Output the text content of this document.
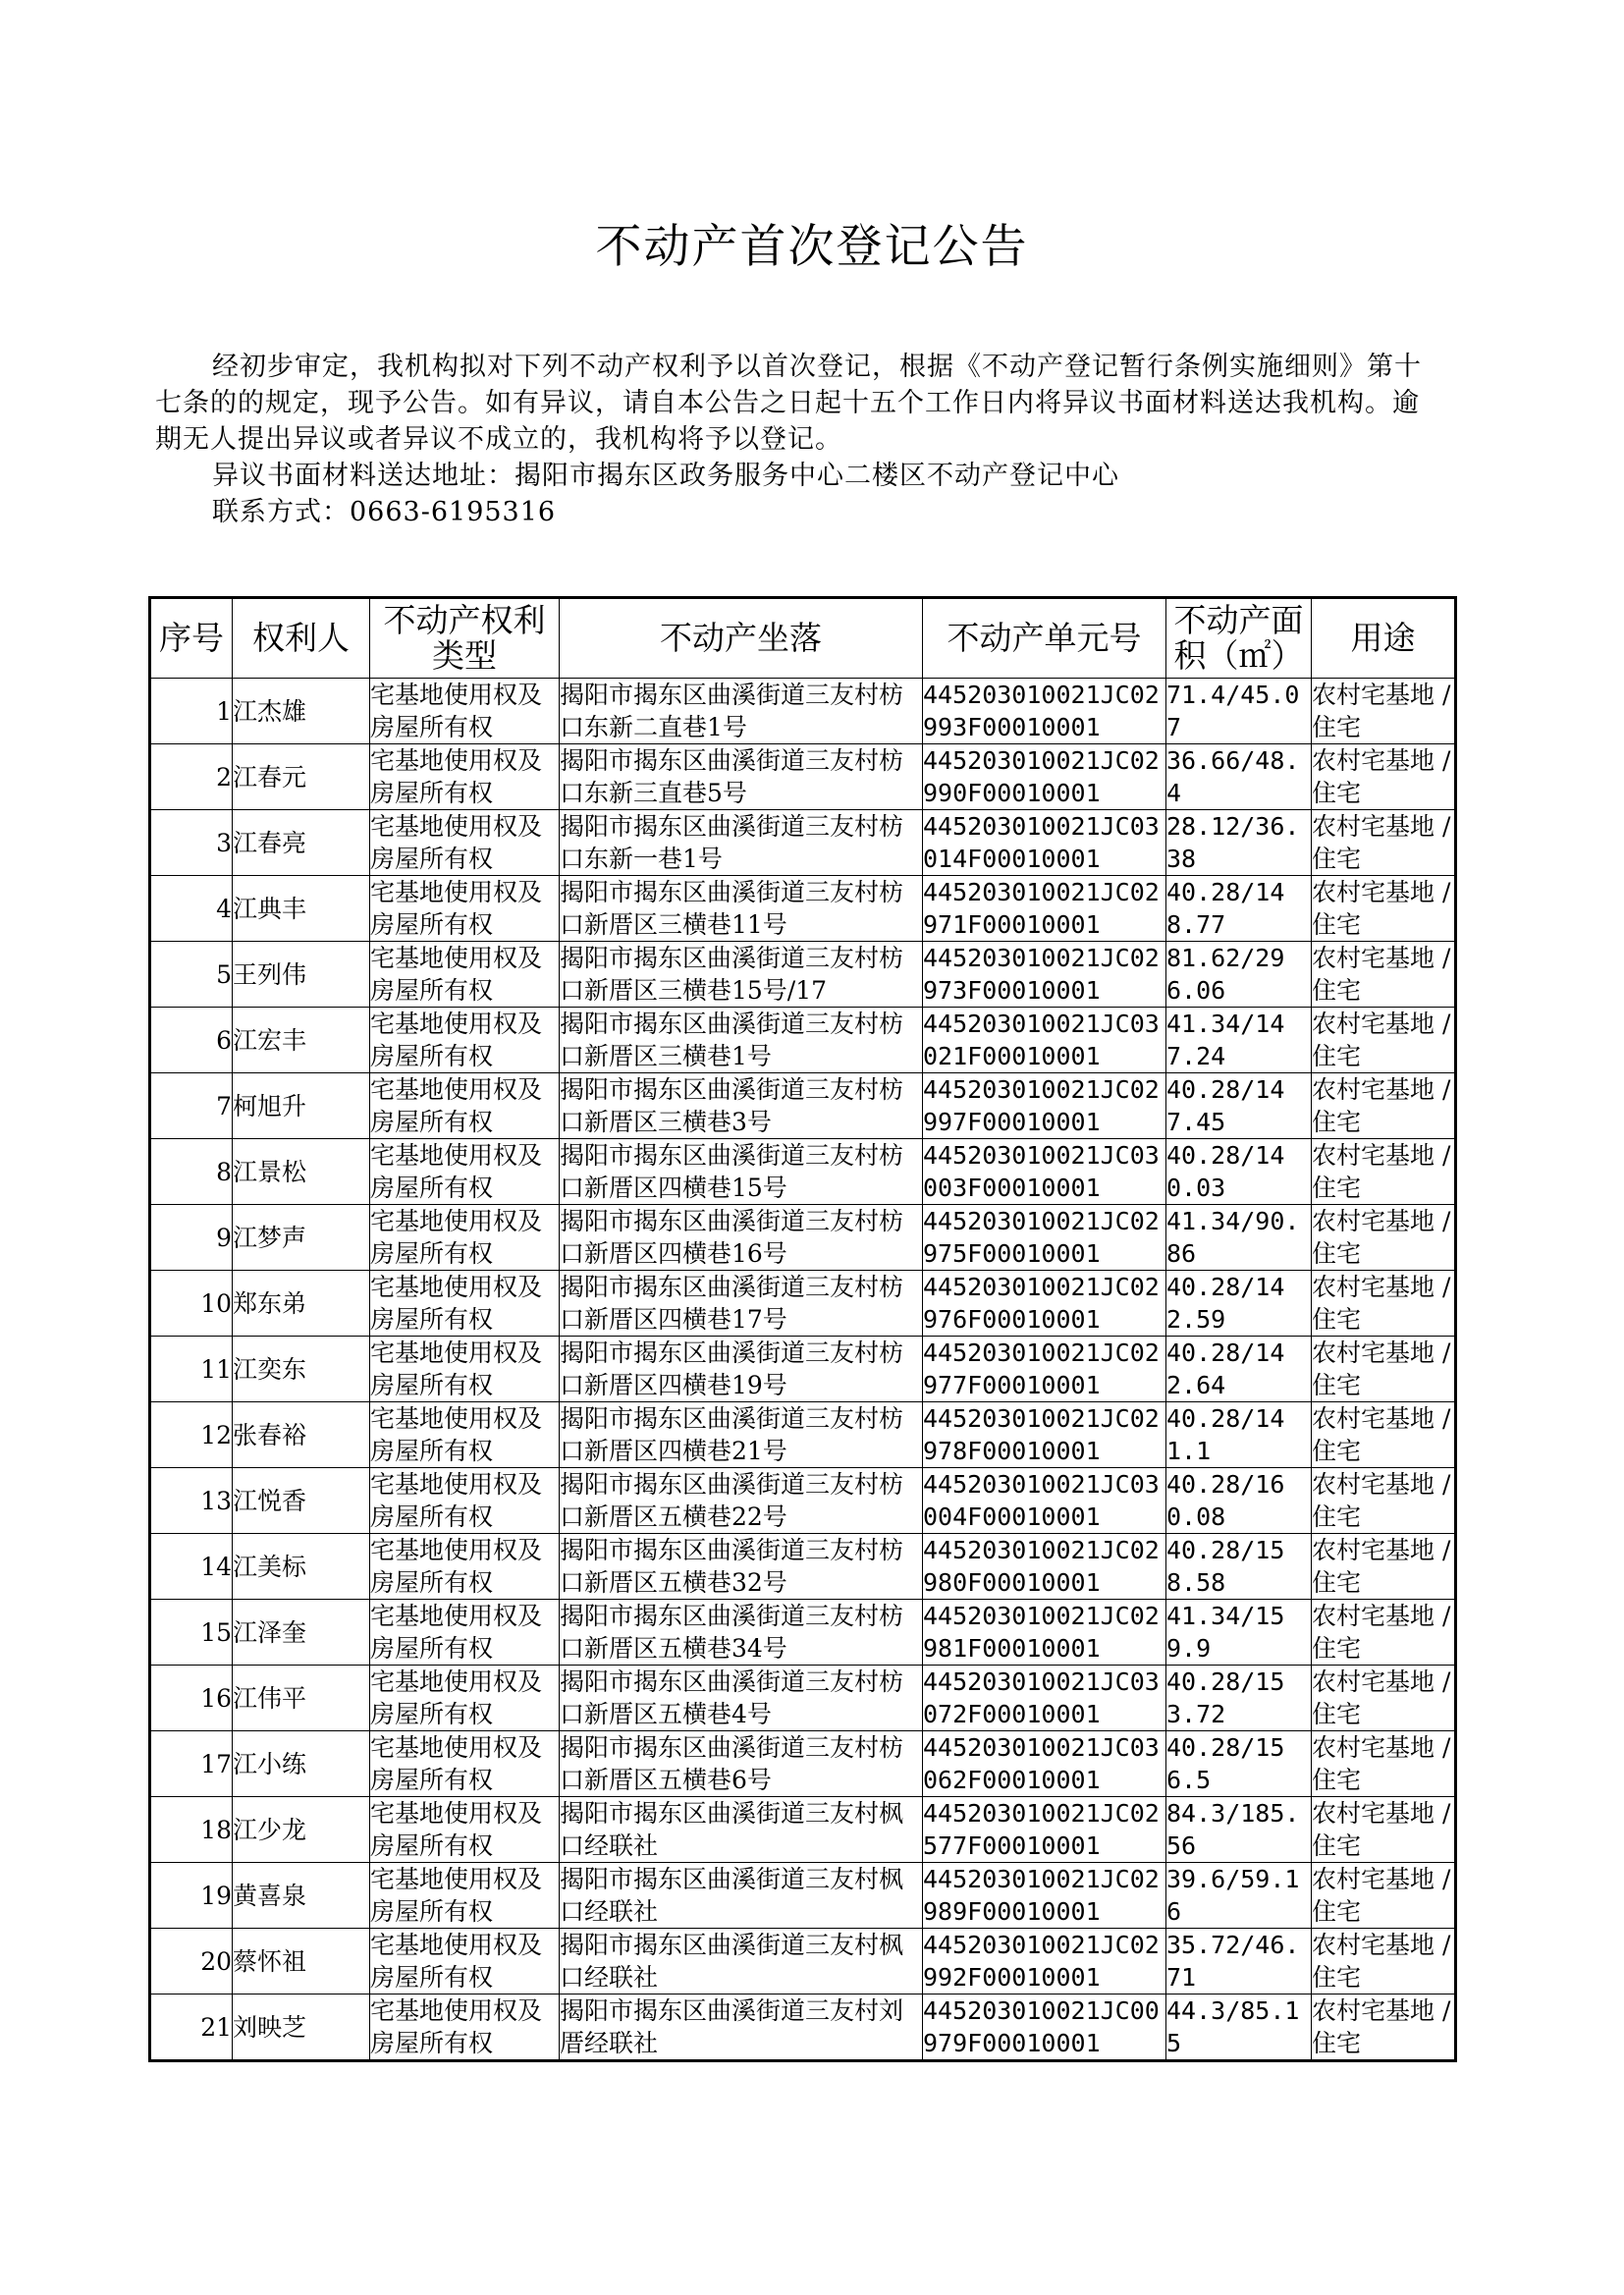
不动产首次登记公告

经初步审定，我机构拟对下列不动产权利予以首次登记，根据《不动产登记暂行条例实施细则》第十七条的的规定，现予公告。如有异议，请自本公告之日起十五个工作日内将异议书面材料送达我机构。逾期无人提出异议或者异议不成立的，我机构将予以登记。

异议书面材料送达地址：揭阳市揭东区政务服务中心二楼区不动产登记中心
联系方式：0663-6195316
序号	权利人	不动产权利类型	不动产坐落	不动产单元号	不动产面积（㎡）	用途
1	江杰雄	宅基地使用权及房屋所有权	揭阳市揭东区曲溪街道三友村枋口东新二直巷1号	445203010021JC02993F00010001	71.4/45.07	农村宅基地 / 住宅
2	江春元	宅基地使用权及房屋所有权	揭阳市揭东区曲溪街道三友村枋口东新三直巷5号	445203010021JC02990F00010001	36.66/48.4	农村宅基地 / 住宅
3	江春亮	宅基地使用权及房屋所有权	揭阳市揭东区曲溪街道三友村枋口东新一巷1号	445203010021JC03014F00010001	28.12/36.38	农村宅基地 / 住宅
4	江典丰	宅基地使用权及房屋所有权	揭阳市揭东区曲溪街道三友村枋口新厝区三横巷11号	445203010021JC02971F00010001	40.28/148.77	农村宅基地 / 住宅
5	王列伟	宅基地使用权及房屋所有权	揭阳市揭东区曲溪街道三友村枋口新厝区三横巷15号/17	445203010021JC02973F00010001	81.62/296.06	农村宅基地 / 住宅
6	江宏丰	宅基地使用权及房屋所有权	揭阳市揭东区曲溪街道三友村枋口新厝区三横巷1号	445203010021JC03021F00010001	41.34/147.24	农村宅基地 / 住宅
7	柯旭升	宅基地使用权及房屋所有权	揭阳市揭东区曲溪街道三友村枋口新厝区三横巷3号	445203010021JC02997F00010001	40.28/147.45	农村宅基地 / 住宅
8	江景松	宅基地使用权及房屋所有权	揭阳市揭东区曲溪街道三友村枋口新厝区四横巷15号	445203010021JC03003F00010001	40.28/140.03	农村宅基地 / 住宅
9	江梦声	宅基地使用权及房屋所有权	揭阳市揭东区曲溪街道三友村枋口新厝区四横巷16号	445203010021JC02975F00010001	41.34/90.86	农村宅基地 / 住宅
10	郑东弟	宅基地使用权及房屋所有权	揭阳市揭东区曲溪街道三友村枋口新厝区四横巷17号	445203010021JC02976F00010001	40.28/142.59	农村宅基地 / 住宅
11	江奕东	宅基地使用权及房屋所有权	揭阳市揭东区曲溪街道三友村枋口新厝区四横巷19号	445203010021JC02977F00010001	40.28/142.64	农村宅基地 / 住宅
12	张春裕	宅基地使用权及房屋所有权	揭阳市揭东区曲溪街道三友村枋口新厝区四横巷21号	445203010021JC02978F00010001	40.28/141.1	农村宅基地 / 住宅
13	江悦香	宅基地使用权及房屋所有权	揭阳市揭东区曲溪街道三友村枋口新厝区五横巷22号	445203010021JC03004F00010001	40.28/160.08	农村宅基地 / 住宅
14	江美标	宅基地使用权及房屋所有权	揭阳市揭东区曲溪街道三友村枋口新厝区五横巷32号	445203010021JC02980F00010001	40.28/158.58	农村宅基地 / 住宅
15	江泽奎	宅基地使用权及房屋所有权	揭阳市揭东区曲溪街道三友村枋口新厝区五横巷34号	445203010021JC02981F00010001	41.34/159.9	农村宅基地 / 住宅
16	江伟平	宅基地使用权及房屋所有权	揭阳市揭东区曲溪街道三友村枋口新厝区五横巷4号	445203010021JC03072F00010001	40.28/153.72	农村宅基地 / 住宅
17	江小练	宅基地使用权及房屋所有权	揭阳市揭东区曲溪街道三友村枋口新厝区五横巷6号	445203010021JC03062F00010001	40.28/156.5	农村宅基地 / 住宅
18	江少龙	宅基地使用权及房屋所有权	揭阳市揭东区曲溪街道三友村枫口经联社	445203010021JC02577F00010001	84.3/185.56	农村宅基地 / 住宅
19	黄喜泉	宅基地使用权及房屋所有权	揭阳市揭东区曲溪街道三友村枫口经联社	445203010021JC02989F00010001	39.6/59.16	农村宅基地 / 住宅
20	蔡怀祖	宅基地使用权及房屋所有权	揭阳市揭东区曲溪街道三友村枫口经联社	445203010021JC02992F00010001	35.72/46.71	农村宅基地 / 住宅
21	刘映芝	宅基地使用权及房屋所有权	揭阳市揭东区曲溪街道三友村刘厝经联社	445203010021JC00979F00010001	44.3/85.15	农村宅基地 / 住宅
